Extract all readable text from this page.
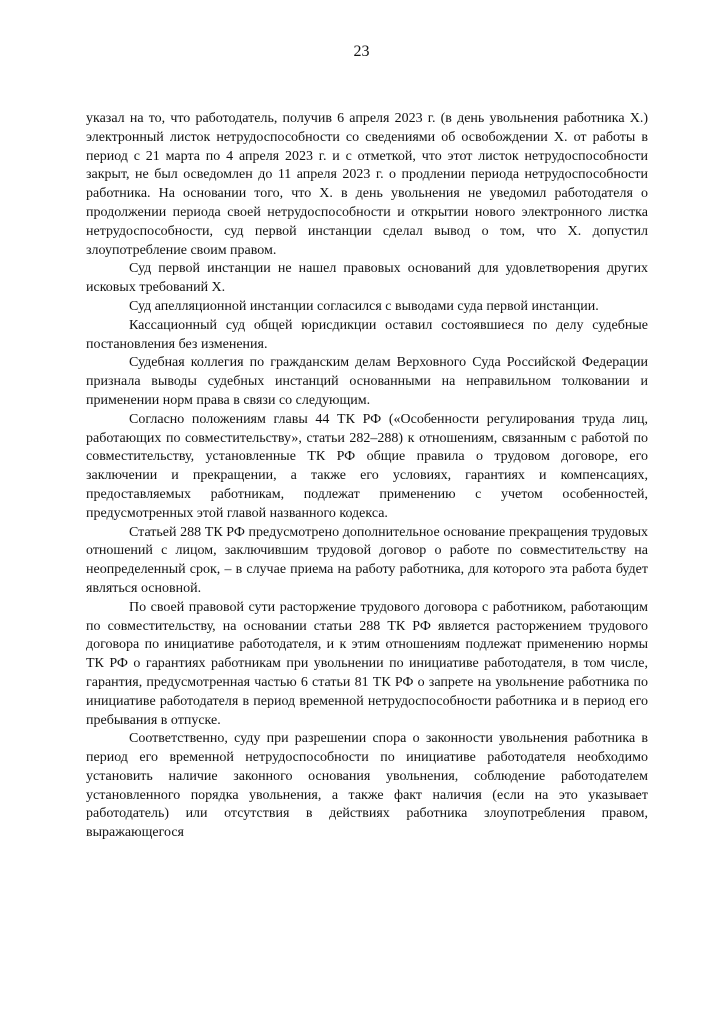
23

указал на то, что работодатель, получив 6 апреля 2023 г. (в день увольнения работника Х.) электронный листок нетрудоспособности со сведениями об освобождении Х. от работы в период с 21 марта по 4 апреля 2023 г. и с отметкой, что этот листок нетрудоспособности закрыт, не был осведомлен до 11 апреля 2023 г. о продлении периода нетрудоспособности работника. На основании того, что Х. в день увольнения не уведомил работодателя о продолжении периода своей нетрудоспособности и открытии нового электронного листка нетрудоспособности, суд первой инстанции сделал вывод о том, что Х. допустил злоупотребление своим правом.

Суд первой инстанции не нашел правовых оснований для удовлетворения других исковых требований Х.

Суд апелляционной инстанции согласился с выводами суда первой инстанции.

Кассационный суд общей юрисдикции оставил состоявшиеся по делу судебные постановления без изменения.

Судебная коллегия по гражданским делам Верховного Суда Российской Федерации признала выводы судебных инстанций основанными на неправильном толковании и применении норм права в связи со следующим.

Согласно положениям главы 44 ТК РФ («Особенности регулирования труда лиц, работающих по совместительству», статьи 282–288) к отношениям, связанным с работой по совместительству, установленные ТК РФ общие правила о трудовом договоре, его заключении и прекращении, а также его условиях, гарантиях и компенсациях, предоставляемых работникам, подлежат применению с учетом особенностей, предусмотренных этой главой названного кодекса.

Статьей 288 ТК РФ предусмотрено дополнительное основание прекращения трудовых отношений с лицом, заключившим трудовой договор о работе по совместительству на неопределенный срок, – в случае приема на работу работника, для которого эта работа будет являться основной.

По своей правовой сути расторжение трудового договора с работником, работающим по совместительству, на основании статьи 288 ТК РФ является расторжением трудового договора по инициативе работодателя, и к этим отношениям подлежат применению нормы ТК РФ о гарантиях работникам при увольнении по инициативе работодателя, в том числе, гарантия, предусмотренная частью 6 статьи 81 ТК РФ о запрете на увольнение работника по инициативе работодателя в период временной нетрудоспособности работника и в период его пребывания в отпуске.

Соответственно, суду при разрешении спора о законности увольнения работника в период его временной нетрудоспособности по инициативе работодателя необходимо установить наличие законного основания увольнения, соблюдение работодателем установленного порядка увольнения, а также факт наличия (если на это указывает работодатель) или отсутствия в действиях работника злоупотребления правом, выражающегося
